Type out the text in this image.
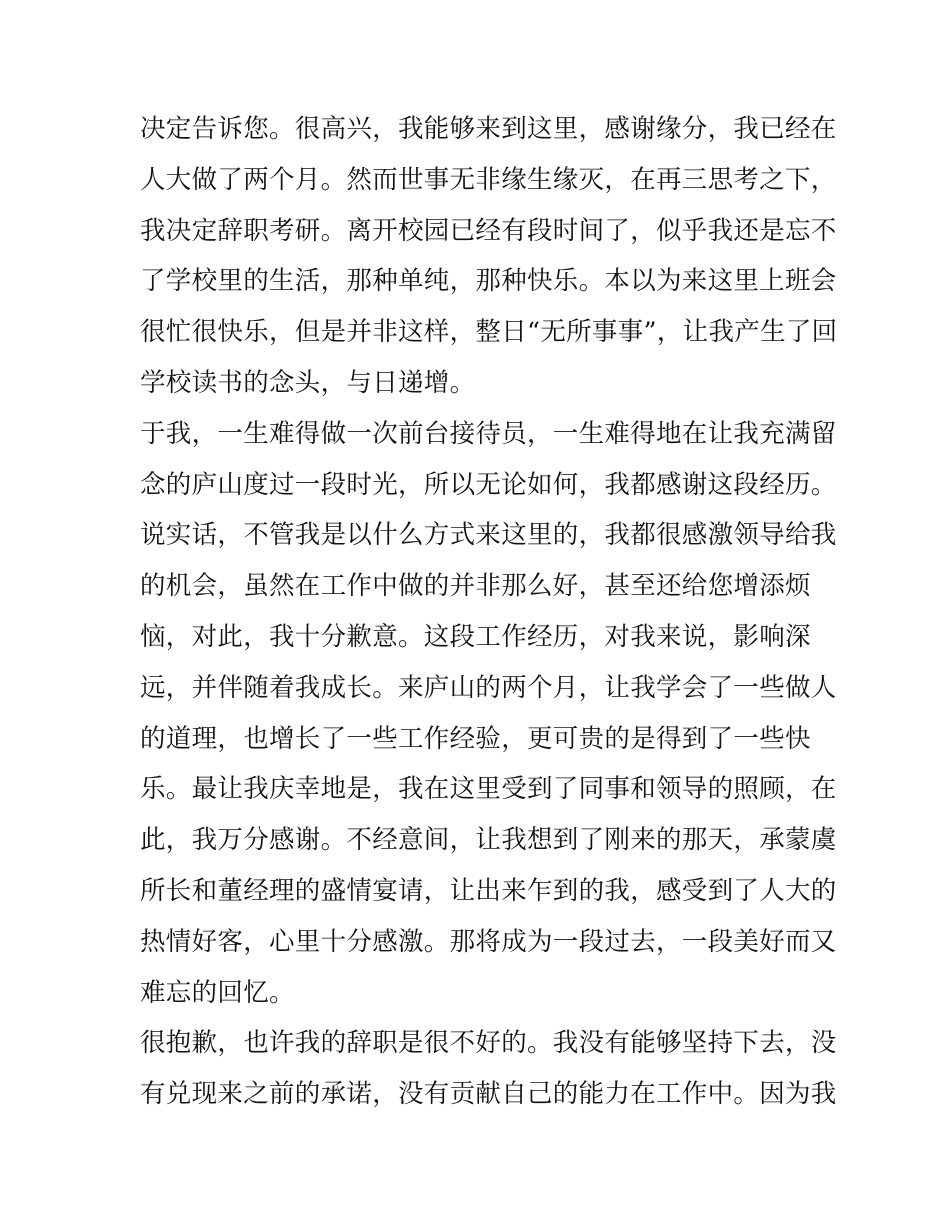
决定告诉您。很高兴，我能够来到这里，感谢缘分，我已经在
人大做了两个月。然而世事无非缘生缘灭，在再三思考之下，
我决定辞职考研。离开校园已经有段时间了，似乎我还是忘不
了学校里的生活，那种单纯，那种快乐。本以为来这里上班会
很忙很快乐，但是并非这样，整日“无所事事”，让我产生了回
学校读书的念头，与日递增。
于我，一生难得做一次前台接待员，一生难得地在让我充满留
念的庐山度过一段时光，所以无论如何，我都感谢这段经历。
说实话，不管我是以什么方式来这里的，我都很感激领导给我
的机会，虽然在工作中做的并非那么好，甚至还给您增添烦
恼，对此，我十分歉意。这段工作经历，对我来说，影响深
远，并伴随着我成长。来庐山的两个月，让我学会了一些做人
的道理，也增长了一些工作经验，更可贵的是得到了一些快
乐。最让我庆幸地是，我在这里受到了同事和领导的照顾，在
此，我万分感谢。不经意间，让我想到了刚来的那天，承蒙虞
所长和董经理的盛情宴请，让出来乍到的我，感受到了人大的
热情好客，心里十分感激。那将成为一段过去，一段美好而又
难忘的回忆。
很抱歉，也许我的辞职是很不好的。我没有能够坚持下去，没
有兑现来之前的承诺，没有贡献自己的能力在工作中。因为我
